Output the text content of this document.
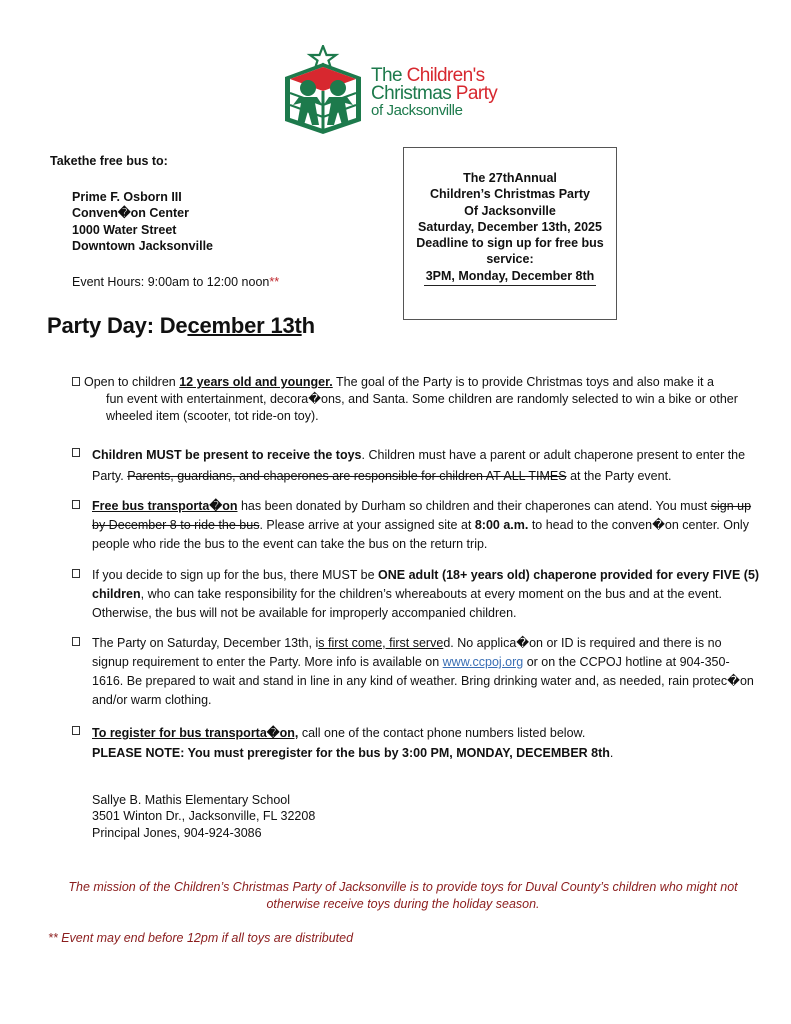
The Children's
Christmas Party
of Jacksonville
Takethe free bus to:
Prime F. Osborn III
Conven�on Center
1000 Water Street
Downtown Jacksonville
Event Hours: 9:00am to 12:00 noon**
The 27thAnnual
Children’s Christmas Party
Of Jacksonville
Saturday, December 13th, 2025
Deadline to sign up for free bus
service:
3PM, Monday, December 8th
Party Day: December 13th
Open to children 12 years old and younger. The goal of the Party is to provide Christmas toys and also make it a
fun event with entertainment, decora�ons, and Santa. Some children are randomly selected to win a bike or other wheeled item (scooter, tot ride-on toy).
Children MUST be present to receive the toys. Children must have a parent or adult chaperone present to enter the Party. Parents, guardians, and chaperones are responsible for children AT ALL TIMES at the Party event.
Free bus transporta�on has been donated by Durham so children and their chaperones can atend. You must sign up by December 8 to ride the bus. Please arrive at your assigned site at 8:00 a.m. to head to the conven�on center. Only people who ride the bus to the event can take the bus on the return trip.
If you decide to sign up for the bus, there MUST be ONE adult (18+ years old) chaperone provided for every FIVE (5) children, who can take responsibility for the children’s whereabouts at every moment on the bus and at the event. Otherwise, the bus will not be available for improperly accompanied children.
The Party on Saturday, December 13th, is first come, first served. No applica�on or ID is required and there is no signup requirement to enter the Party. More info is available on www.ccpoj.org or on the CCPOJ hotline at 904-350-1616. Be prepared to wait and stand in line in any kind of weather. Bring drinking water and, as needed, rain protec�on and/or warm clothing.
To register for bus transporta�on, call one of the contact phone numbers listed below.
PLEASE NOTE: You must preregister for the bus by 3:00 PM, MONDAY, DECEMBER 8th.
Sallye B. Mathis Elementary School
3501 Winton Dr., Jacksonville, FL 32208
Principal Jones, 904-924-3086
The mission of the Children’s Christmas Party of Jacksonville is to provide toys for Duval County’s children who might not otherwise receive toys during the holiday season.
** Event may end before 12pm if all toys are distributed
